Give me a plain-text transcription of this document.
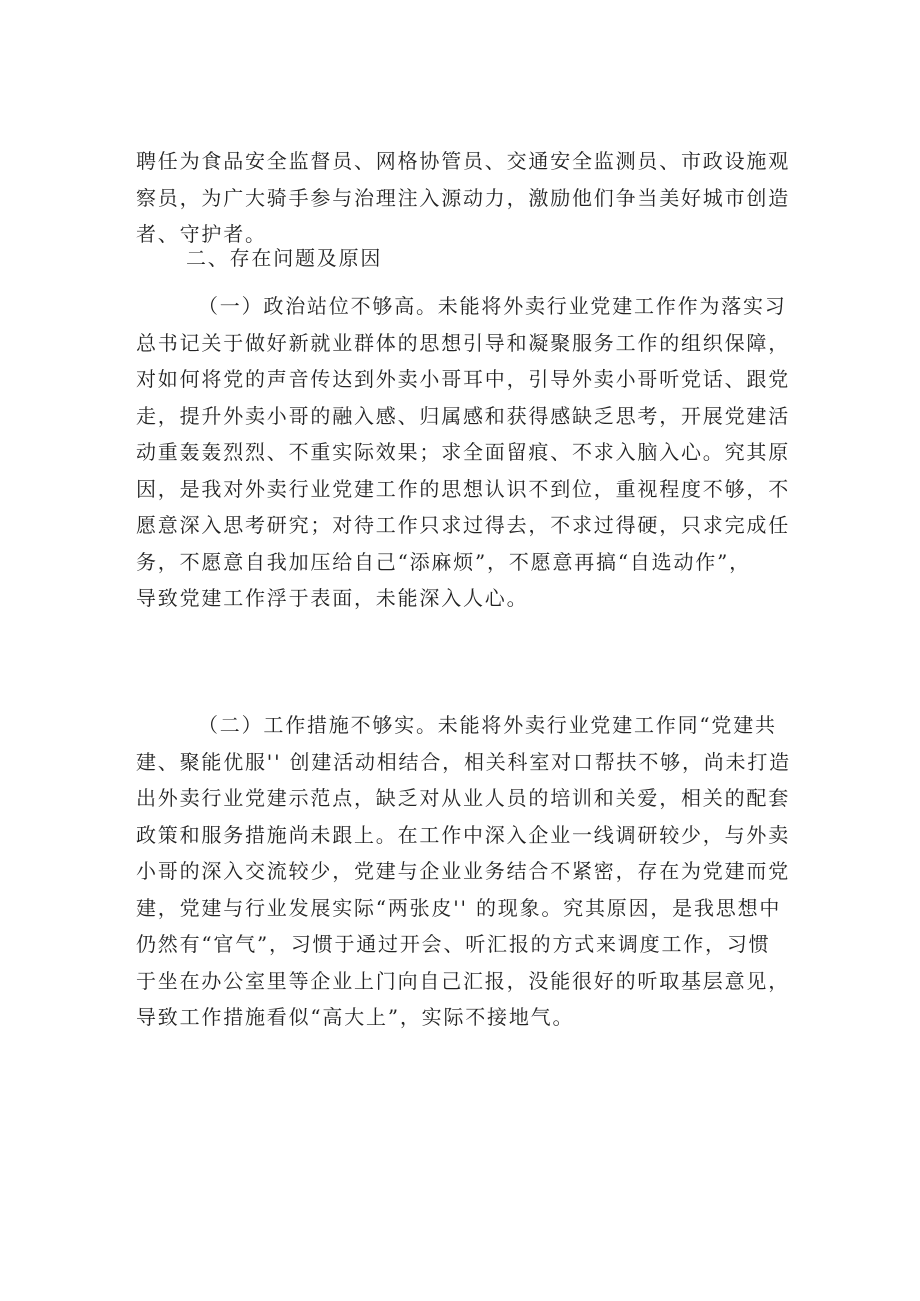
聘任为食品安全监督员、网格协管员、交通安全监测员、市政设施观
察员，为广大骑手参与治理注入源动力，激励他们争当美好城市创造
者、守护者。
二、存在问题及原因
（一）政治站位不够高。未能将外卖行业党建工作作为落实习
总书记关于做好新就业群体的思想引导和凝聚服务工作的组织保障，
对如何将党的声音传达到外卖小哥耳中，引导外卖小哥听党话、跟党
走，提升外卖小哥的融入感、归属感和获得感缺乏思考，开展党建活
动重轰轰烈烈、不重实际效果；求全面留痕、不求入脑入心。究其原
因，是我对外卖行业党建工作的思想认识不到位，重视程度不够，不
愿意深入思考研究；对待工作只求过得去，不求过得硬，只求完成任
务，不愿意自我加压给自己“添麻烦”，不愿意再搞“自选动作”，
导致党建工作浮于表面，未能深入人心。
（二）工作措施不够实。未能将外卖行业党建工作同“党建共
建、聚能优服'' 创建活动相结合，相关科室对口帮扶不够，尚未打造
出外卖行业党建示范点，缺乏对从业人员的培训和关爱，相关的配套
政策和服务措施尚未跟上。在工作中深入企业一线调研较少，与外卖
小哥的深入交流较少，党建与企业业务结合不紧密，存在为党建而党
建，党建与行业发展实际“两张皮'' 的现象。究其原因，是我思想中
仍然有“官气”，习惯于通过开会、听汇报的方式来调度工作，习惯
于坐在办公室里等企业上门向自己汇报，没能很好的听取基层意见，
导致工作措施看似“高大上”，实际不接地气。
